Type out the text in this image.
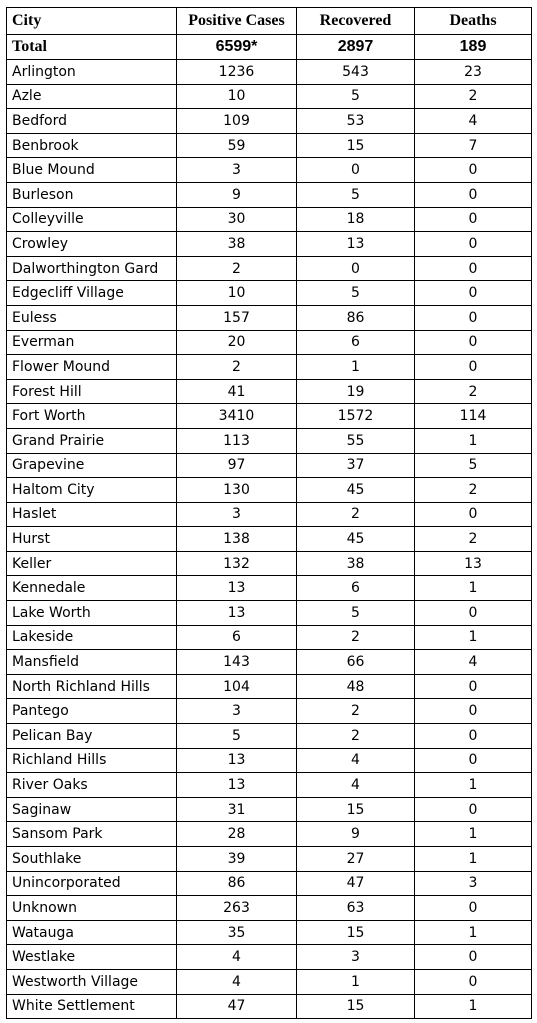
City	Positive Cases	Recovered	Deaths
Total	6599*	2897	189
Arlington	1236	543	23
Azle	10	5	2
Bedford	109	53	4
Benbrook	59	15	7
Blue Mound	3	0	0
Burleson	9	5	0
Colleyville	30	18	0
Crowley	38	13	0
Dalworthington Gard	2	0	0
Edgecliff Village	10	5	0
Euless	157	86	0
Everman	20	6	0
Flower Mound	2	1	0
Forest Hill	41	19	2
Fort Worth	3410	1572	114
Grand Prairie	113	55	1
Grapevine	97	37	5
Haltom City	130	45	2
Haslet	3	2	0
Hurst	138	45	2
Keller	132	38	13
Kennedale	13	6	1
Lake Worth	13	5	0
Lakeside	6	2	1
Mansfield	143	66	4
North Richland Hills	104	48	0
Pantego	3	2	0
Pelican Bay	5	2	0
Richland Hills	13	4	0
River Oaks	13	4	1
Saginaw	31	15	0
Sansom Park	28	9	1
Southlake	39	27	1
Unincorporated	86	47	3
Unknown	263	63	0
Watauga	35	15	1
Westlake	4	3	0
Westworth Village	4	1	0
White Settlement	47	15	1
